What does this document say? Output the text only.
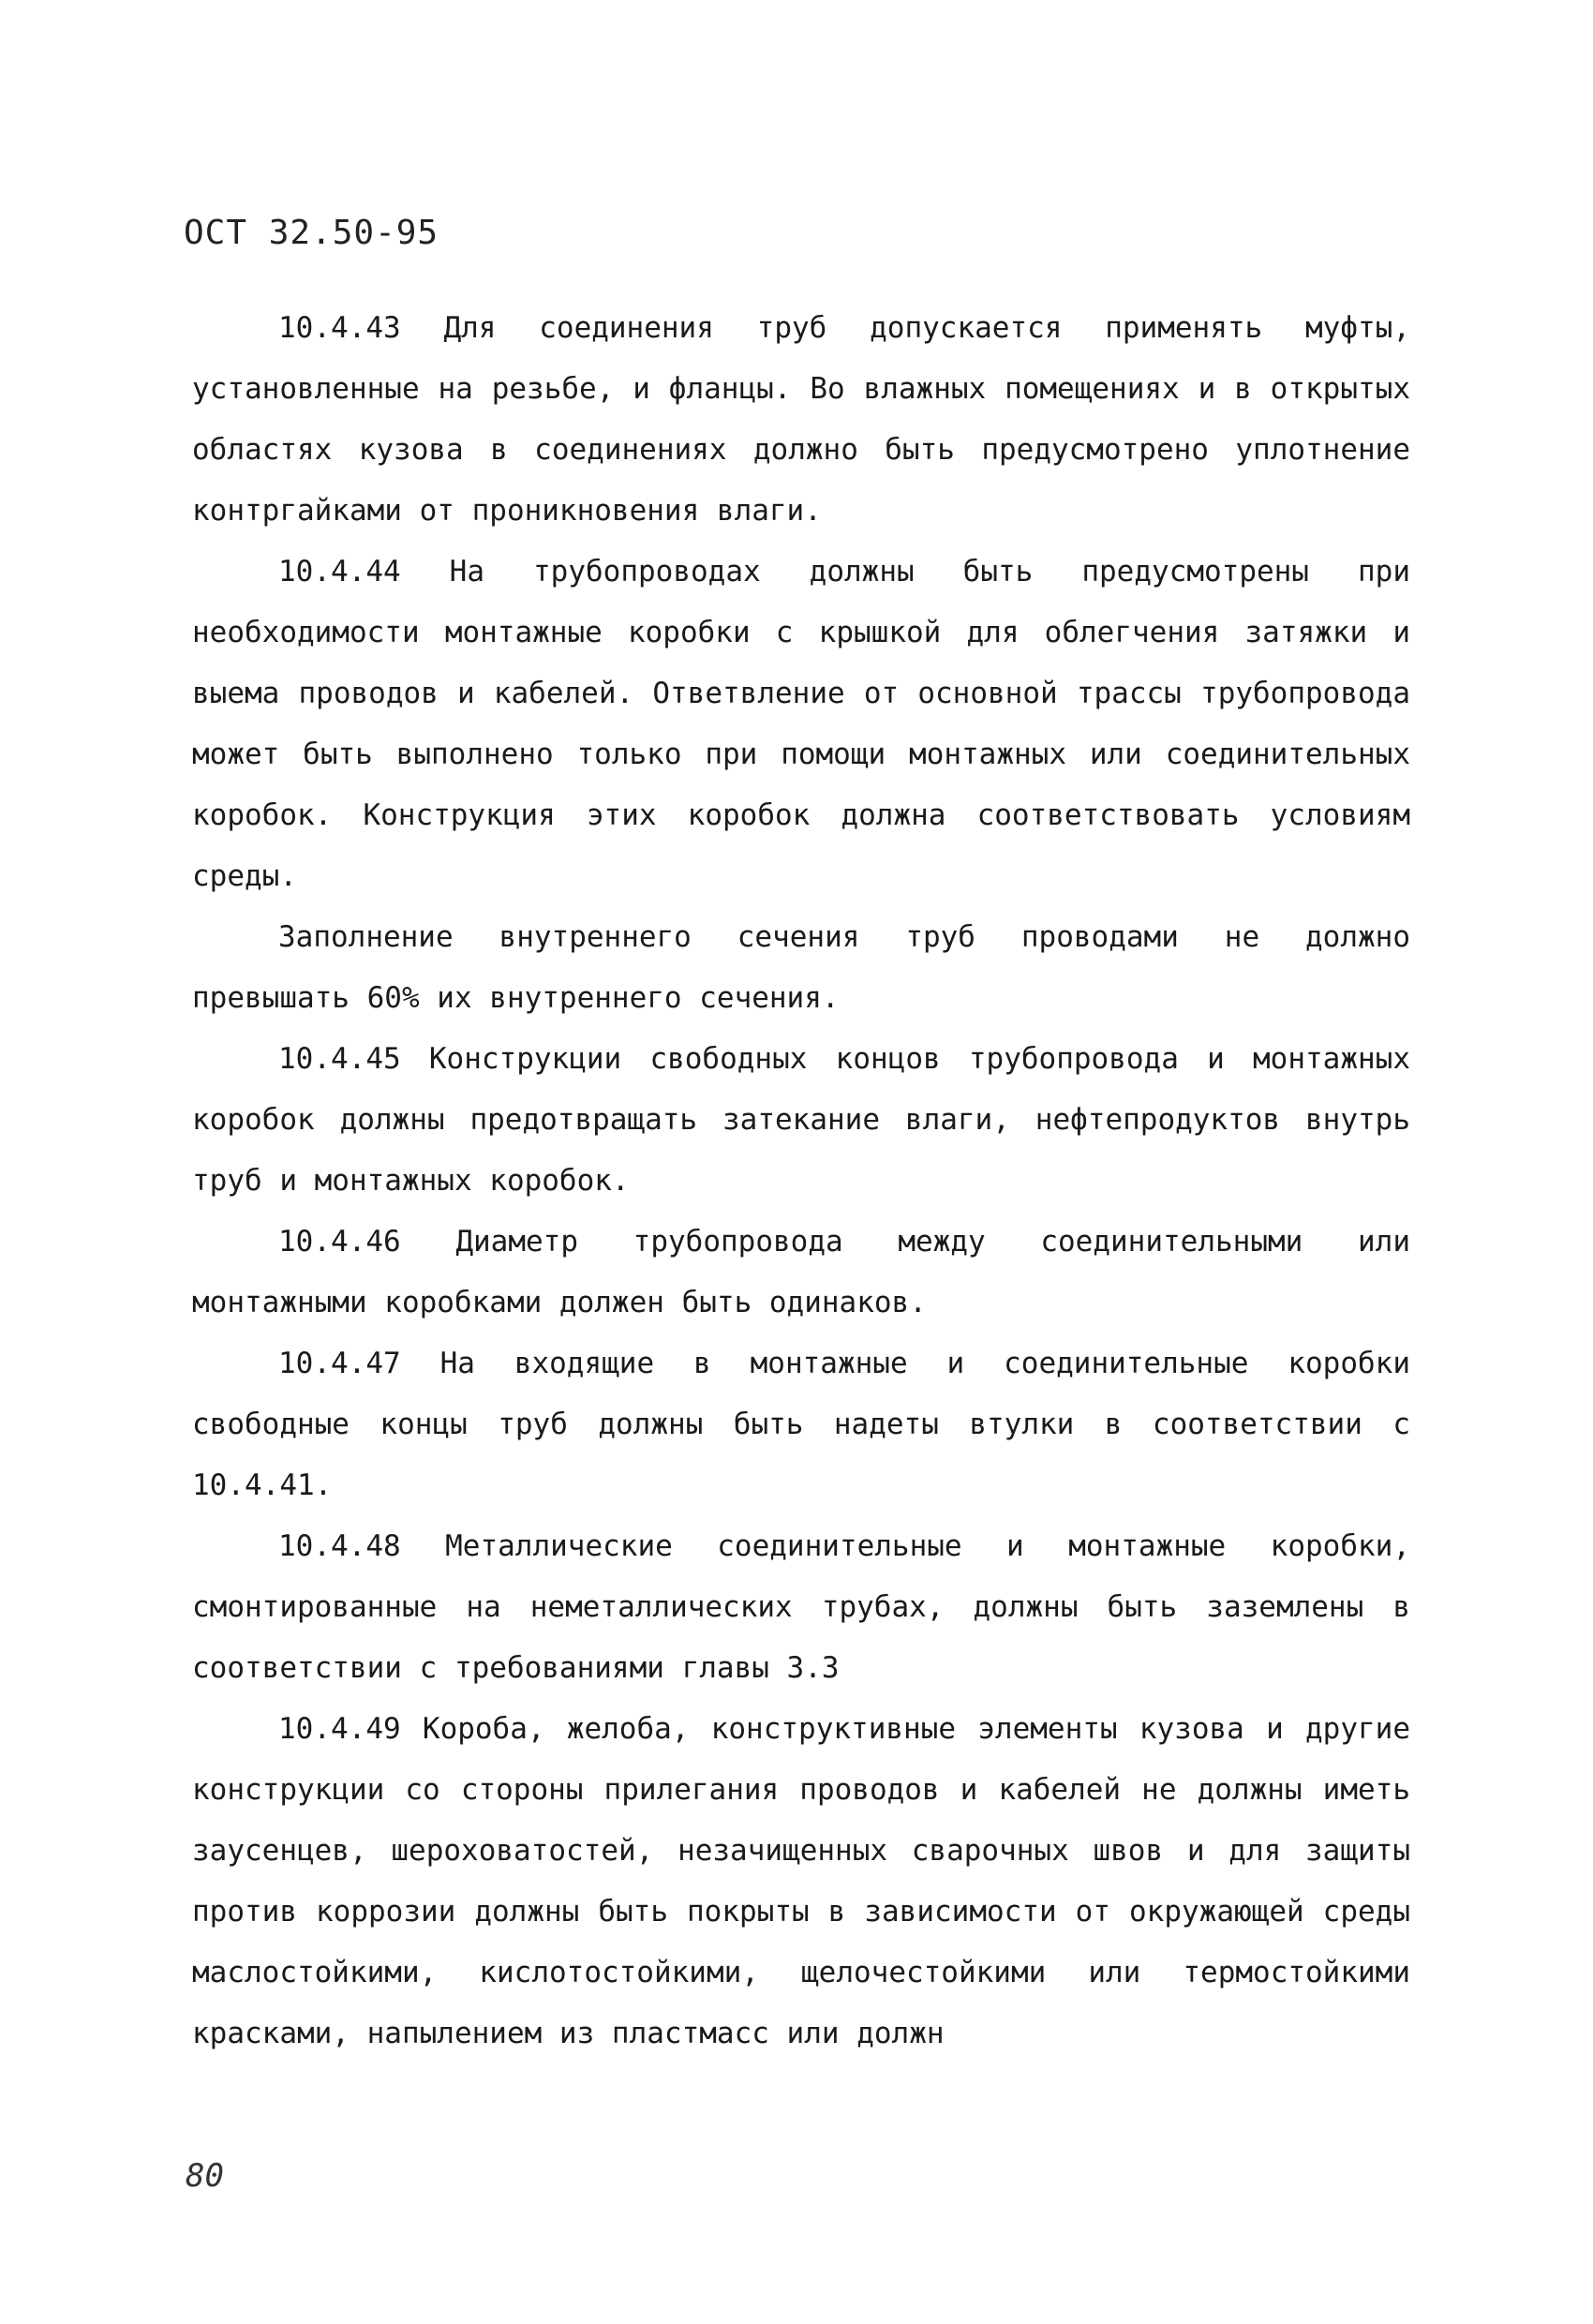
ОСТ 32.50-95

10.4.43 Для соединения труб допускается применять муфты, установленные на резьбе, и фланцы. Во влажных помещениях и в открытых областях кузова в соединениях должно быть предусмотрено уплотнение контргайками от проникновения влаги.

10.4.44 На трубопроводах должны быть предусмотрены при необходимости монтажные коробки с крышкой для облегчения затяжки и выема проводов и кабелей. Ответвление от основной трассы трубопровода может быть выполнено только при помощи монтажных или соединительных коробок. Конструкция этих коробок должна соответствовать условиям среды.

Заполнение внутреннего сечения труб проводами не должно превышать 60% их внутреннего сечения.

10.4.45 Конструкции свободных концов трубопровода и монтажных коробок должны предотвращать затекание влаги, нефтепродуктов внутрь труб и монтажных коробок.

10.4.46 Диаметр трубопровода между соединительными или монтажными коробками должен быть одинаков.

10.4.47 На входящие в монтажные и соединительные коробки свободные концы труб должны быть надеты втулки в соответствии с 10.4.41.

10.4.48 Металлические соединительные и монтажные коробки, смонтированные на неметаллических трубах, должны быть заземлены в соответствии с требованиями главы 3.3

10.4.49 Короба, желоба, конструктивные элементы кузова и другие конструкции со стороны прилегания проводов и кабелей не должны иметь заусенцев, шероховатостей, незачищенных сварочных швов и для защиты против коррозии должны быть покрыты в зависимости от окружающей среды маслостойкими, кислотостойкими, щелочестойкими или термостойкими красками, напылением из пластмасс или должн

80
